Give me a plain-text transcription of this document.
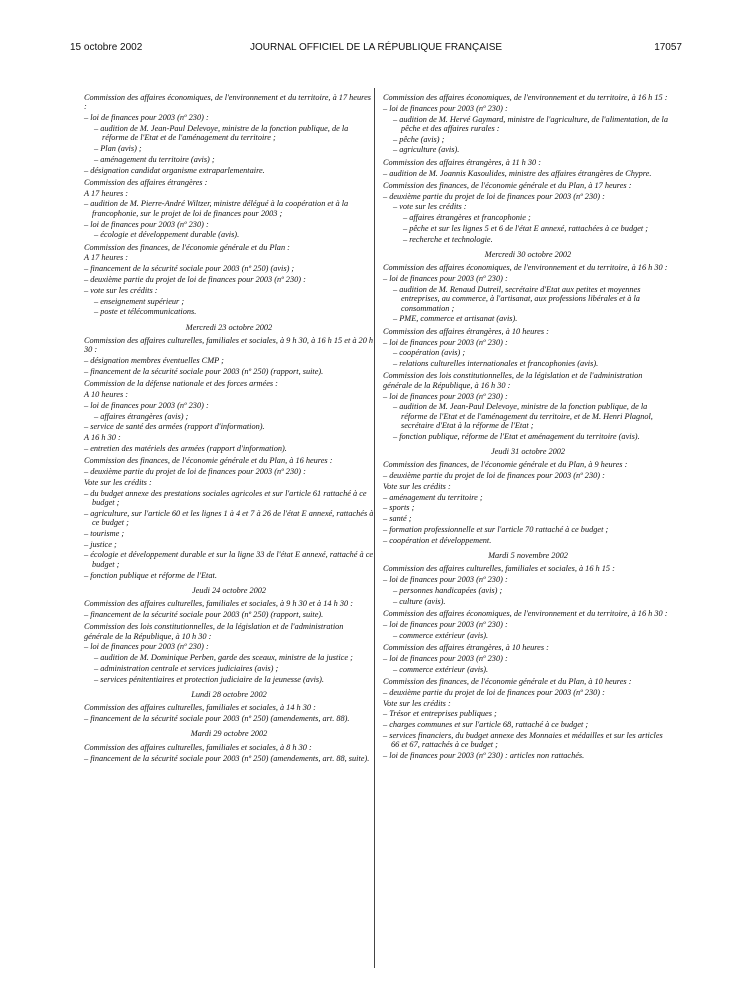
15 octobre 2002	JOURNAL OFFICIEL DE LA RÉPUBLIQUE FRANÇAISE	17057
Commission des affaires économiques, de l'environnement et du territoire, à 17 heures :
– loi de finances pour 2003 (nº 230) :
– audition de M. Jean-Paul Delevoye, ministre de la fonction publique, de la réforme de l'Etat et de l'aménagement du territoire ;
– Plan (avis) ;
– aménagement du territoire (avis) ;
– désignation candidat organisme extraparlementaire.
Commission des affaires étrangères :
A 17 heures :
– audition de M. Pierre-André Wiltzer, ministre délégué à la coopération et à la francophonie, sur le projet de loi de finances pour 2003 ;
– loi de finances pour 2003 (nº 230) :
– écologie et développement durable (avis).
Commission des finances, de l'économie générale et du Plan :
A 17 heures :
– financement de la sécurité sociale pour 2003 (nº 250) (avis) ;
– deuxième partie du projet de loi de finances pour 2003 (nº 230) :
– vote sur les crédits :
– enseignement supérieur ;
– poste et télécommunications.
Mercredi 23 octobre 2002
Commission des affaires culturelles, familiales et sociales, à 9 h 30, à 16 h 15 et à 20 h 30 :
– désignation membres éventuelles CMP ;
– financement de la sécurité sociale pour 2003 (nº 250) (rapport, suite).
Commission de la défense nationale et des forces armées :
A 10 heures :
– loi de finances pour 2003 (nº 230) :
– affaires étrangères (avis) ;
– service de santé des armées (rapport d'information).
A 16 h 30 :
– entretien des matériels des armées (rapport d'information).
Commission des finances, de l'économie générale et du Plan, à 16 heures :
– deuxième partie du projet de loi de finances pour 2003 (nº 230) :
Vote sur les crédits :
– du budget annexe des prestations sociales agricoles et sur l'article 61 rattaché à ce budget ;
– agriculture, sur l'article 60 et les lignes 1 à 4 et 7 à 26 de l'état E annexé, rattachés à ce budget ;
– tourisme ;
– justice ;
– écologie et développement durable et sur la ligne 33 de l'état E annexé, rattaché à ce budget ;
– fonction publique et réforme de l'Etat.
Jeudi 24 octobre 2002
Commission des affaires culturelles, familiales et sociales, à 9 h 30 et à 14 h 30 :
– financement de la sécurité sociale pour 2003 (nº 250) (rapport, suite).
Commission des lois constitutionnelles, de la législation et de l'administration générale de la République, à 10 h 30 :
– loi de finances pour 2003 (nº 230) :
– audition de M. Dominique Perben, garde des sceaux, ministre de la justice ;
– administration centrale et services judiciaires (avis) ;
– services pénitentiaires et protection judiciaire de la jeunesse (avis).
Lundi 28 octobre 2002
Commission des affaires culturelles, familiales et sociales, à 14 h 30 :
– financement de la sécurité sociale pour 2003 (nº 250) (amendements, art. 88).
Mardi 29 octobre 2002
Commission des affaires culturelles, familiales et sociales, à 8 h 30 :
– financement de la sécurité sociale pour 2003 (nº 250) (amendements, art. 88, suite).
Commission des affaires économiques, de l'environnement et du territoire, à 16 h 15 :
– loi de finances pour 2003 (nº 230) :
– audition de M. Hervé Gaymard, ministre de l'agriculture, de l'alimentation, de la pêche et des affaires rurales :
– pêche (avis) ;
– agriculture (avis).
Commission des affaires étrangères, à 11 h 30 :
– audition de M. Joannis Kasoulides, ministre des affaires étrangères de Chypre.
Commission des finances, de l'économie générale et du Plan, à 17 heures :
– deuxième partie du projet de loi de finances pour 2003 (nº 230) :
– vote sur les crédits :
– affaires étrangères et francophonie ;
– pêche et sur les lignes 5 et 6 de l'état E annexé, rattachées à ce budget ;
– recherche et technologie.
Mercredi 30 octobre 2002
Commission des affaires économiques, de l'environnement et du territoire, à 16 h 30 :
– loi de finances pour 2003 (nº 230) :
– audition de M. Renaud Dutreil, secrétaire d'Etat aux petites et moyennes entreprises, au commerce, à l'artisanat, aux professions libérales et à la consommation ;
– PME, commerce et artisanat (avis).
Commission des affaires étrangères, à 10 heures :
– loi de finances pour 2003 (nº 230) :
– coopération (avis) ;
– relations culturelles internationales et francophonies (avis).
Commission des lois constitutionnelles, de la législation et de l'administration générale de la République, à 16 h 30 :
– loi de finances pour 2003 (nº 230) :
– audition de M. Jean-Paul Delevoye, ministre de la fonction publique, de la réforme de l'Etat et de l'aménagement du territoire, et de M. Henri Plagnol, secrétaire d'Etat à la réforme de l'Etat ;
– fonction publique, réforme de l'Etat et aménagement du territoire (avis).
Jeudi 31 octobre 2002
Commission des finances, de l'économie générale et du Plan, à 9 heures :
– deuxième partie du projet de loi de finances pour 2003 (nº 230) :
Vote sur les crédits :
– aménagement du territoire ;
– sports ;
– santé ;
– formation professionnelle et sur l'article 70 rattaché à ce budget ;
– coopération et développement.
Mardi 5 novembre 2002
Commission des affaires culturelles, familiales et sociales, à 16 h 15 :
– loi de finances pour 2003 (nº 230) :
– personnes handicapées (avis) ;
– culture (avis).
Commission des affaires économiques, de l'environnement et du territoire, à 16 h 30 :
– loi de finances pour 2003 (nº 230) :
– commerce extérieur (avis).
Commission des affaires étrangères, à 10 heures :
– loi de finances pour 2003 (nº 230) :
– commerce extérieur (avis).
Commission des finances, de l'économie générale et du Plan, à 10 heures :
– deuxième partie du projet de loi de finances pour 2003 (nº 230) :
Vote sur les crédits :
– Trésor et entreprises publiques ;
– charges communes et sur l'article 68, rattaché à ce budget ;
– services financiers, du budget annexe des Monnaies et médailles et sur les articles 66 et 67, rattachés à ce budget ;
– loi de finances pour 2003 (nº 230) : articles non rattachés.
